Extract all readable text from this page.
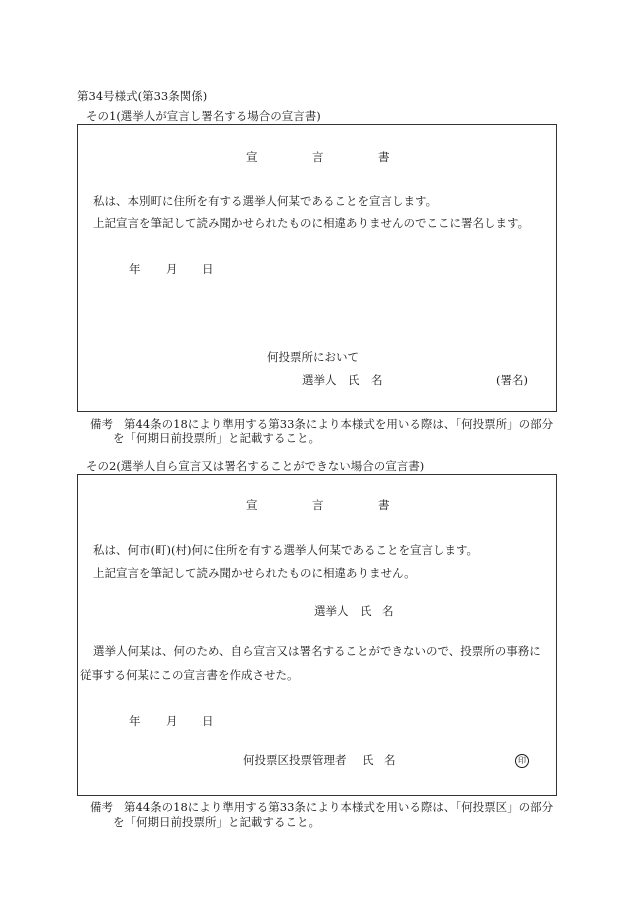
第34号様式(第33条関係)
その1(選挙人が宣言し署名する場合の宣言書)
宣	言	書
私は、本別町に住所を有する選挙人何某であることを宣言します。
上記宣言を筆記して読み聞かせられたものに相違ありませんのでここに署名します。
年 月 日
何投票所において
選挙人 氏 名	(署名)
備考 第44条の18により準用する第33条により本様式を用いる際は、「何投票所」の部分
を「何期日前投票所」と記載すること。
その2(選挙人自ら宣言又は署名することができない場合の宣言書)
宣	言	書
私は、何市(町)(村)何に住所を有する選挙人何某であることを宣言します。
上記宣言を筆記して読み聞かせられたものに相違ありません。
選挙人 氏 名
選挙人何某は、何のため、自ら宣言又は署名することができないので、投票所の事務に
従事する何某にこの宣言書を作成させた。
年 月 日
何投票区投票管理者 氏 名	印
備考 第44条の18により準用する第33条により本様式を用いる際は、「何投票区」の部分
を「何期日前投票所」と記載すること。
